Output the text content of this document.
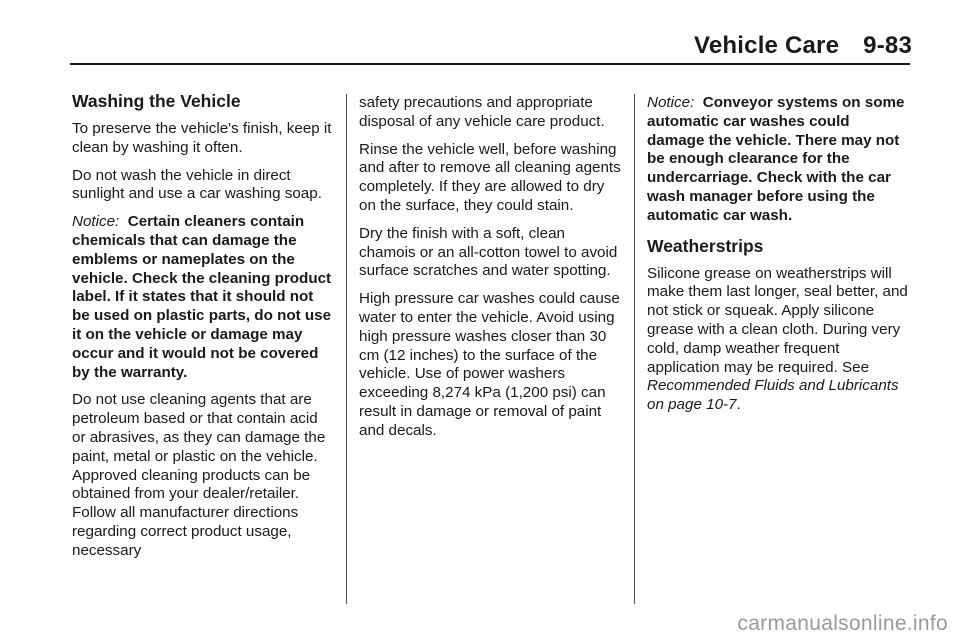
Vehicle Care 9-83
Washing the Vehicle

To preserve the vehicle's finish, keep it clean by washing it often.

Do not wash the vehicle in direct sunlight and use a car washing soap.

Notice: Certain cleaners contain chemicals that can damage the emblems or nameplates on the vehicle. Check the cleaning product label. If it states that it should not be used on plastic parts, do not use it on the vehicle or damage may occur and it would not be covered by the warranty.

Do not use cleaning agents that are petroleum based or that contain acid or abrasives, as they can damage the paint, metal or plastic on the vehicle. Approved cleaning products can be obtained from your dealer/retailer. Follow all manufacturer directions regarding correct product usage, necessary

safety precautions and appropriate disposal of any vehicle care product.

Rinse the vehicle well, before washing and after to remove all cleaning agents completely. If they are allowed to dry on the surface, they could stain.

Dry the finish with a soft, clean chamois or an all-cotton towel to avoid surface scratches and water spotting.

High pressure car washes could cause water to enter the vehicle. Avoid using high pressure washes closer than 30 cm (12 inches) to the surface of the vehicle. Use of power washers exceeding 8,274 kPa (1,200 psi) can result in damage or removal of paint and decals.

Notice: Conveyor systems on some automatic car washes could damage the vehicle. There may not be enough clearance for the undercarriage. Check with the car wash manager before using the automatic car wash.

Weatherstrips

Silicone grease on weatherstrips will make them last longer, seal better, and not stick or squeak. Apply silicone grease with a clean cloth. During very cold, damp weather frequent application may be required. See Recommended Fluids and Lubricants on page 10-7.

carmanualsonline.info
